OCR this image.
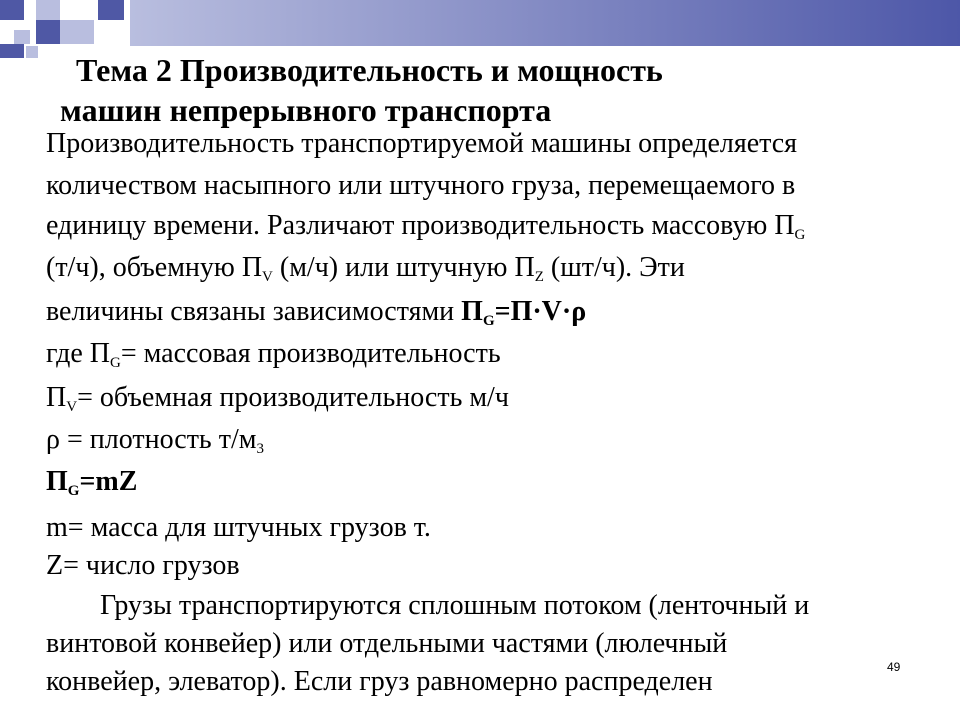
Тема 2 Производительность и мощность
машин непрерывного транспорта
Производительность транспортируемой машины определяется
количеством насыпного или штучного груза, перемещаемого в
единицу времени. Различают производительность массовую $П_G$
(т/ч), объемную $П_V$ (м/ч) или штучную $П_Z$ (шт/ч). Эти
величины связаны зависимостями $П_G=П\cdot V\cdot\rho$
где $П_G=$ массовая производительность
$П_V=$ объемная производительность м/ч
ρ = плотность $т/м_3$
$П_G=mZ$
m= масса для штучных грузов т.
Z= число грузов
Грузы транспортируются сплошным потоком (ленточный и
винтовой конвейер) или отдельными частями (люлечный
конвейер, элеватор). Если груз равномерно распределен	49
